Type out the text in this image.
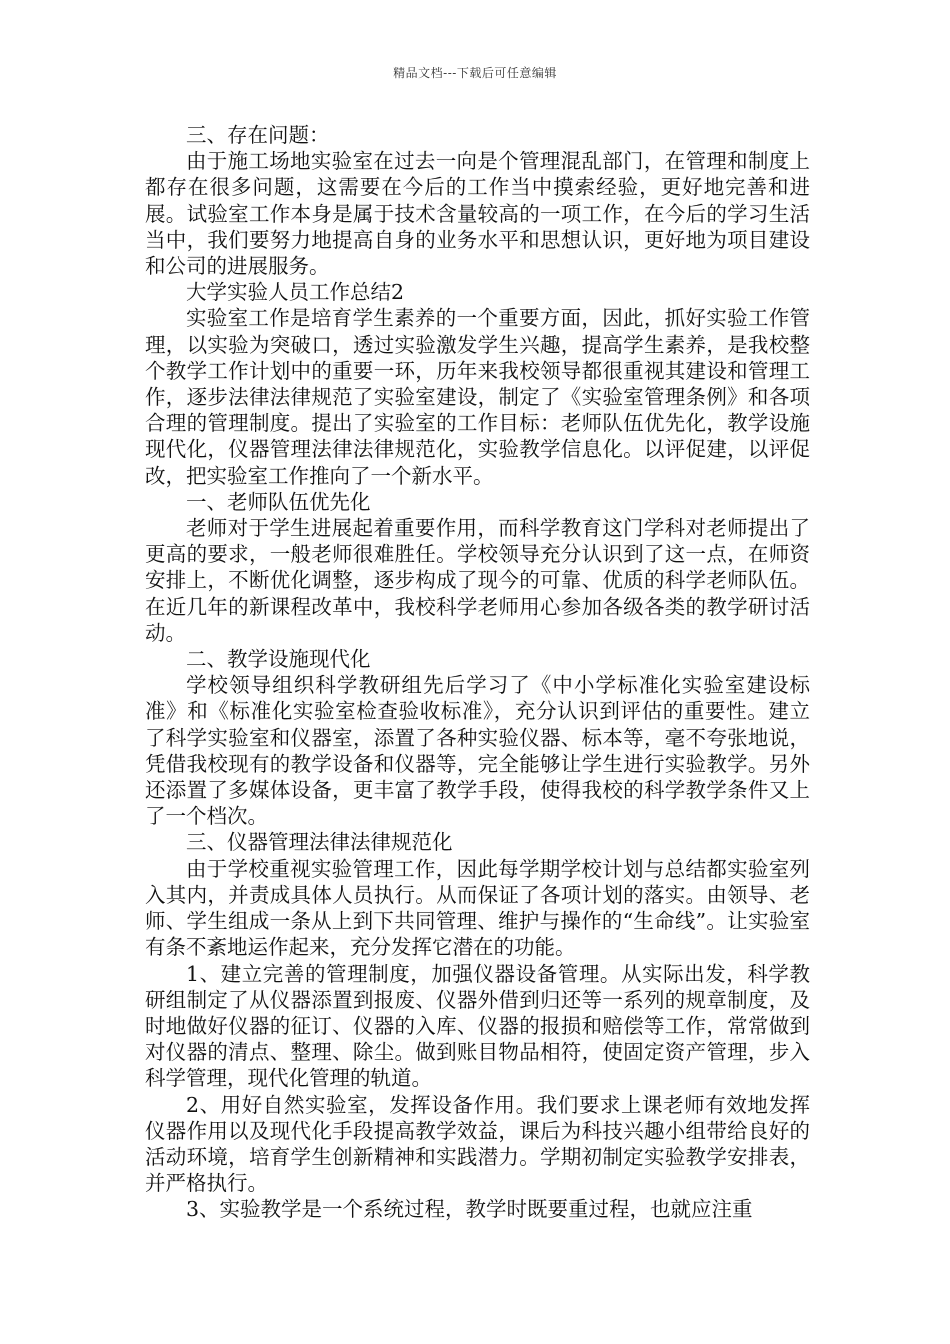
精品文档---下载后可任意编辑

三、存在问题：

由于施工场地实验室在过去一向是个管理混乱部门，在管理和制度上都存在很多问题，这需要在今后的工作当中摸索经验，更好地完善和进展。试验室工作本身是属于技术含量较高的一项工作，在今后的学习生活当中，我们要努力地提高自身的业务水平和思想认识，更好地为项目建设和公司的进展服务。

大学实验人员工作总结2

实验室工作是培育学生素养的一个重要方面，因此，抓好实验工作管理，以实验为突破口，透过实验激发学生兴趣，提高学生素养，是我校整个教学工作计划中的重要一环，历年来我校领导都很重视其建设和管理工作，逐步法律法律规范了实验室建设，制定了《实验室管理条例》和各项合理的管理制度。提出了实验室的工作目标：老师队伍优先化，教学设施现代化，仪器管理法律法律规范化，实验教学信息化。以评促建，以评促改，把实验室工作推向了一个新水平。

一、老师队伍优先化

老师对于学生进展起着重要作用，而科学教育这门学科对老师提出了更高的要求，一般老师很难胜任。学校领导充分认识到了这一点，在师资安排上，不断优化调整，逐步构成了现今的可靠、优质的科学老师队伍。在近几年的新课程改革中，我校科学老师用心参加各级各类的教学研讨活动。

二、教学设施现代化

学校领导组织科学教研组先后学习了《中小学标准化实验室建设标准》和《标准化实验室检查验收标准》，充分认识到评估的重要性。建立了科学实验室和仪器室，添置了各种实验仪器、标本等，毫不夸张地说，凭借我校现有的教学设备和仪器等，完全能够让学生进行实验教学。另外还添置了多媒体设备，更丰富了教学手段，使得我校的科学教学条件又上了一个档次。

三、仪器管理法律法律规范化

由于学校重视实验管理工作，因此每学期学校计划与总结都实验室列入其内，并责成具体人员执行。从而保证了各项计划的落实。由领导、老师、学生组成一条从上到下共同管理、维护与操作的“生命线”。让实验室有条不紊地运作起来，充分发挥它潜在的功能。

1、建立完善的管理制度，加强仪器设备管理。从实际出发，科学教研组制定了从仪器添置到报废、仪器外借到归还等一系列的规章制度，及时地做好仪器的征订、仪器的入库、仪器的报损和赔偿等工作，常常做到对仪器的清点、整理、除尘。做到账目物品相符，使固定资产管理，步入科学管理，现代化管理的轨道。

2、用好自然实验室，发挥设备作用。我们要求上课老师有效地发挥仪器作用以及现代化手段提高教学效益，课后为科技兴趣小组带给良好的活动环境，培育学生创新精神和实践潜力。学期初制定实验教学安排表，并严格执行。

3、实验教学是一个系统过程，教学时既要重过程，也就应注重
